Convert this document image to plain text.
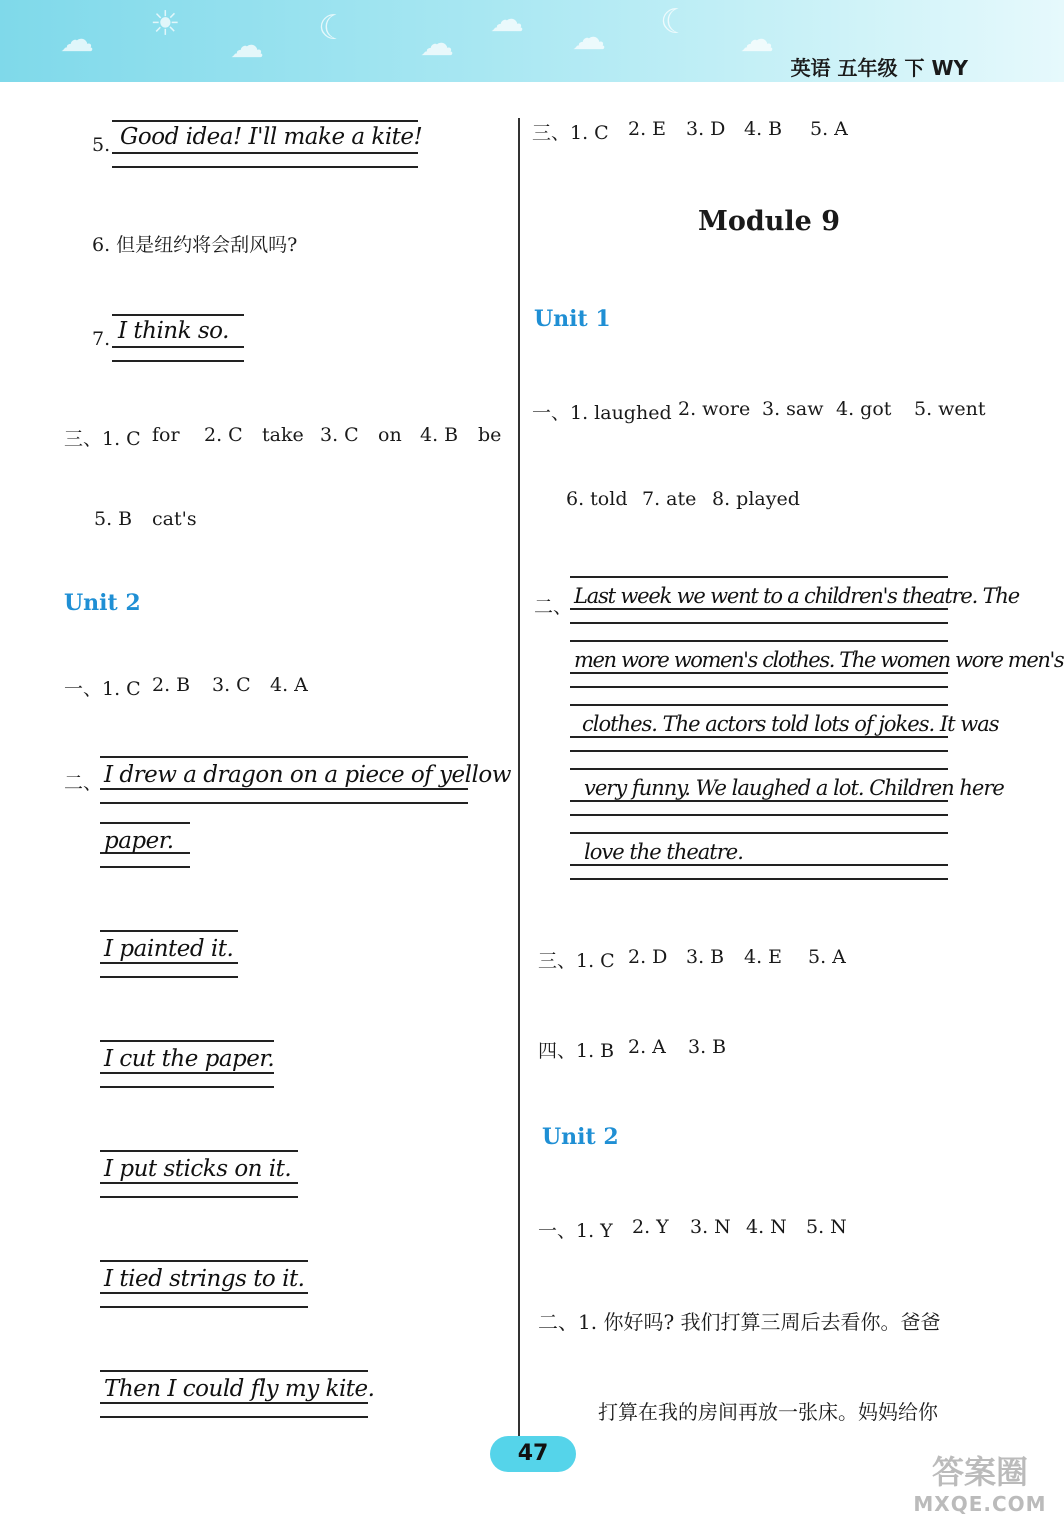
☁ ☀
☁ ☾ ☁
☁ ☁ ☾ ☁
英语 五年级 下 WY
5. Good idea! I'll make a kite!
6. 但是纽约将会刮风吗?
7. I think so.
三、1. C for 2. C take 3. C on 4. B be
5. B cat's
Unit 2
一、1. C 2. B 3. C 4. A
二、 I drew a dragon on a piece of yellow
paper.
I painted it.
I cut the paper.
I put sticks on it.
I tied strings to it.
Then I could fly my kite.
三、1. C 2. E 3. D 4. B 5. A
Module 9
Unit 1
一、1. laughed 2. wore 3. saw 4. got 5. went
6. told 7. ate 8. played
二、 Last week we went to a children's theatre. The
men wore women's clothes. The women wore men's
clothes. The actors told lots of jokes. It was
very funny. We laughed a lot. Children here
love the theatre.
三、1. C 2. D 3. B 4. E 5. A
四、1. B 2. A 3. B
Unit 2
一、1. Y 2. Y 3. N 4. N 5. N
二、1. 你好吗? 我们打算三周后去看你。爸爸
打算在我的房间再放一张床。妈妈给你
47	答案圈
MXQE.COM
